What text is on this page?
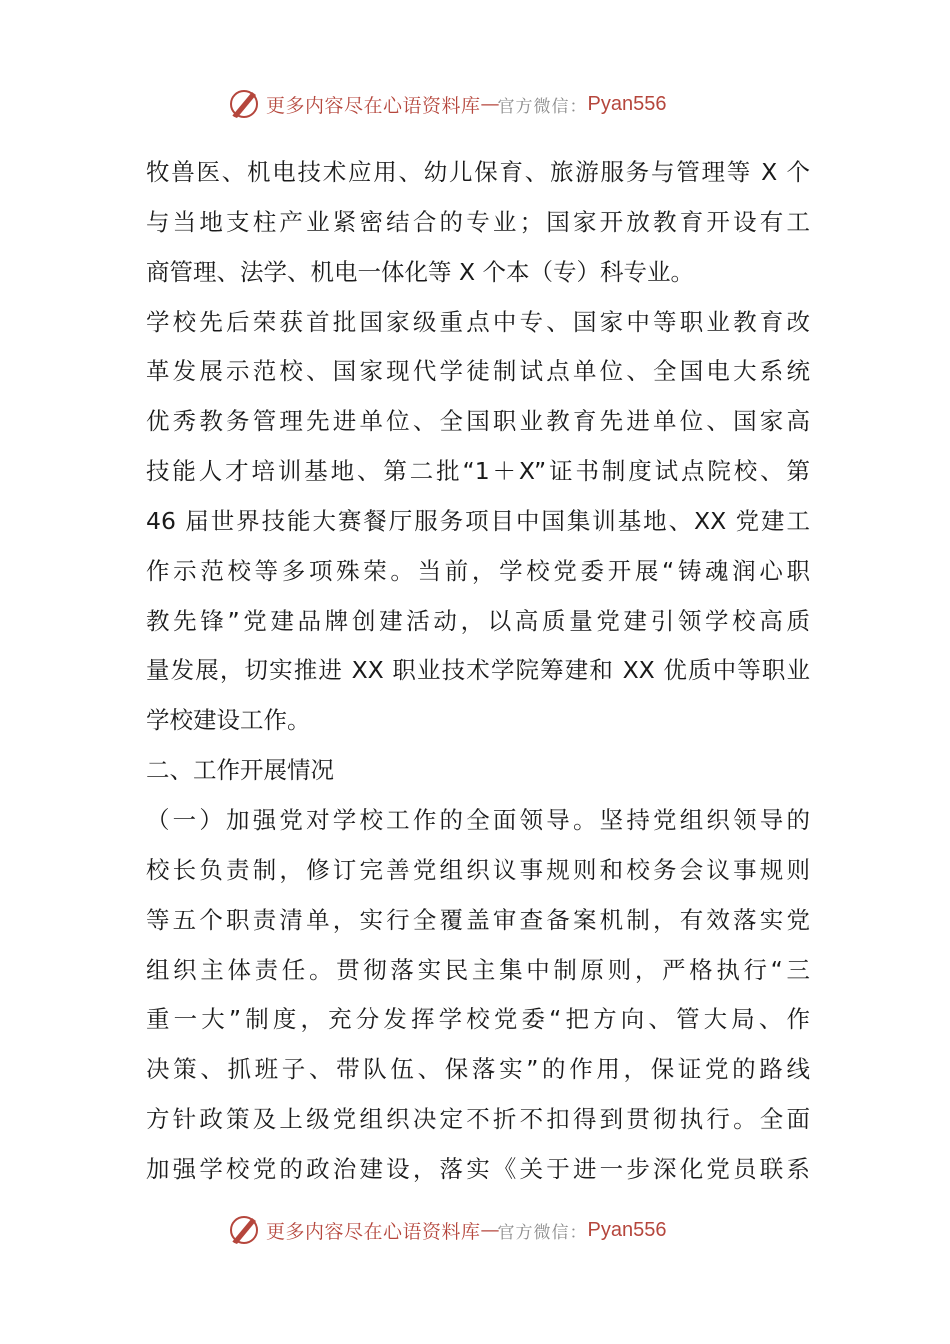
更多内容尽在心语资料库 — 官方微信： Pyan556
牧兽医、机电技术应用、幼儿保育、旅游服务与管理等 X 个
与当地支柱产业紧密结合的专业；国家开放教育开设有工
商管理、法学、机电一体化等 X 个本（专）科专业。
学校先后荣获首批国家级重点中专、国家中等职业教育改
革发展示范校、国家现代学徒制试点单位、全国电大系统
优秀教务管理先进单位、全国职业教育先进单位、国家高
技能人才培训基地、第二批“1＋X”证书制度试点院校、第
46 届世界技能大赛餐厅服务项目中国集训基地、XX 党建工
作示范校等多项殊荣。当前，学校党委开展“铸魂润心职
教先锋”党建品牌创建活动，以高质量党建引领学校高质
量发展，切实推进 XX 职业技术学院筹建和 XX 优质中等职业
学校建设工作。
二、工作开展情况
（一）加强党对学校工作的全面领导。坚持党组织领导的
校长负责制，修订完善党组织议事规则和校务会议事规则
等五个职责清单，实行全覆盖审查备案机制，有效落实党
组织主体责任。贯彻落实民主集中制原则，严格执行“三
重一大”制度，充分发挥学校党委“把方向、管大局、作
决策、抓班子、带队伍、保落实”的作用，保证党的路线
方针政策及上级党组织决定不折不扣得到贯彻执行。全面
加强学校党的政治建设，落实《关于进一步深化党员联系
更多内容尽在心语资料库 — 官方微信： Pyan556
